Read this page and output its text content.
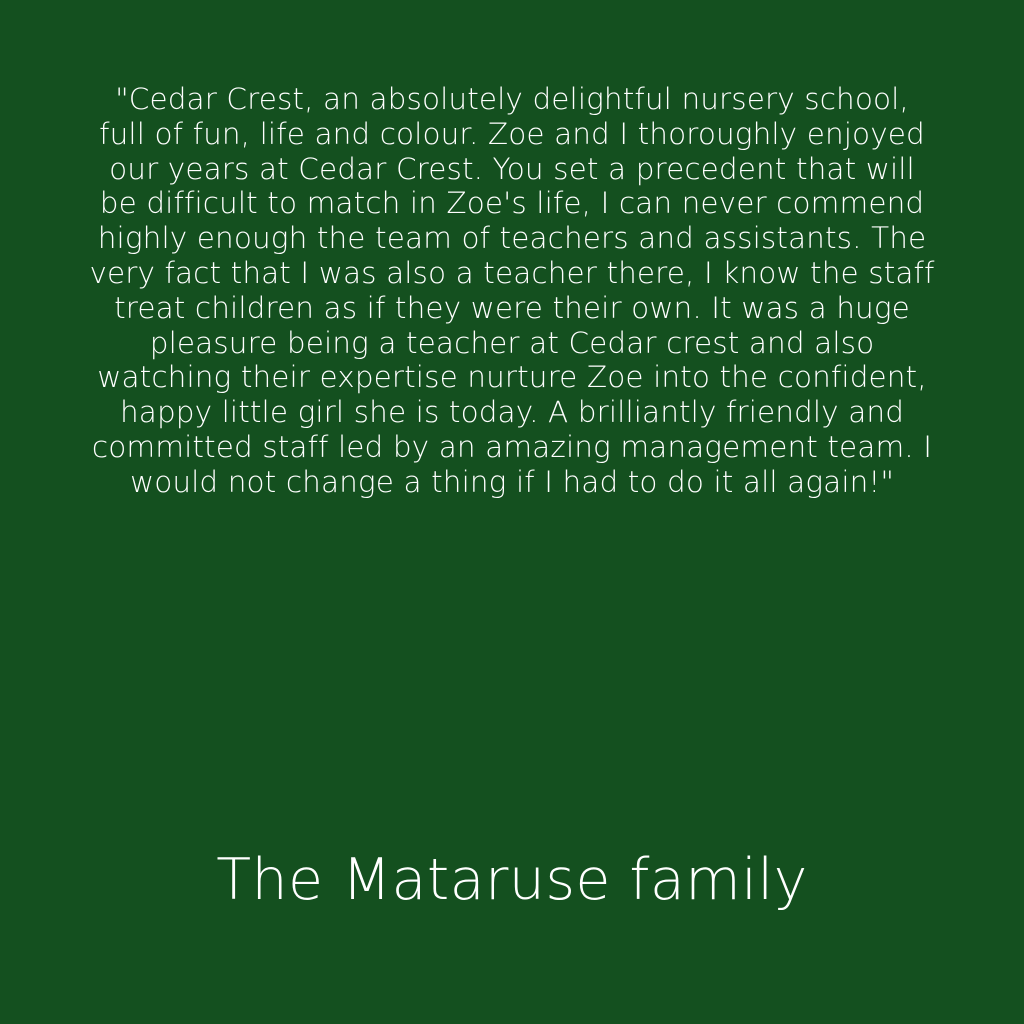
"Cedar Crest, an absolutely delightful nursery school, full of fun, life and colour. Zoe and I thoroughly enjoyed our years at Cedar Crest. You set a precedent that will be difficult to match in Zoe's life, I can never commend highly enough the team of teachers and assistants. The very fact that I was also a teacher there, I know the staff treat children as if they were their own. It was a huge pleasure being a teacher at Cedar crest and also watching their expertise nurture Zoe into the confident, happy little girl she is today. A brilliantly friendly and committed staff led by an amazing management team. I would not change a thing if I had to do it all again!"

The Mataruse family
